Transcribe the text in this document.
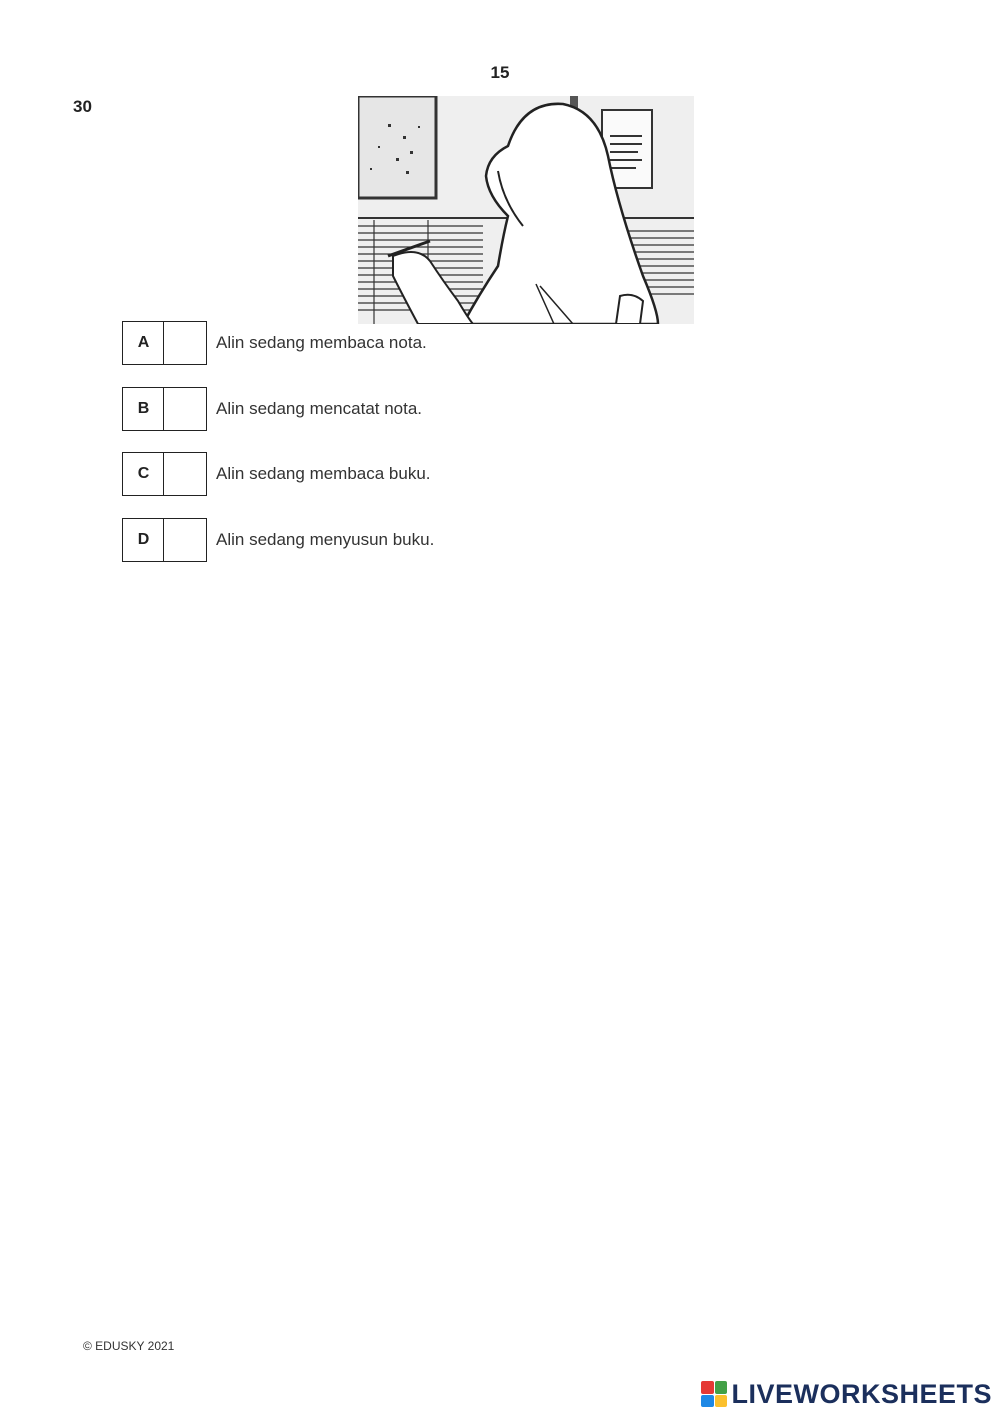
15
30
A	Alin sedang membaca nota.
B	Alin sedang mencatat nota.
C	Alin sedang membaca buku.
D	Alin sedang menyusun buku.
© EDUSKY 2021
LIVEWORKSHEETS
